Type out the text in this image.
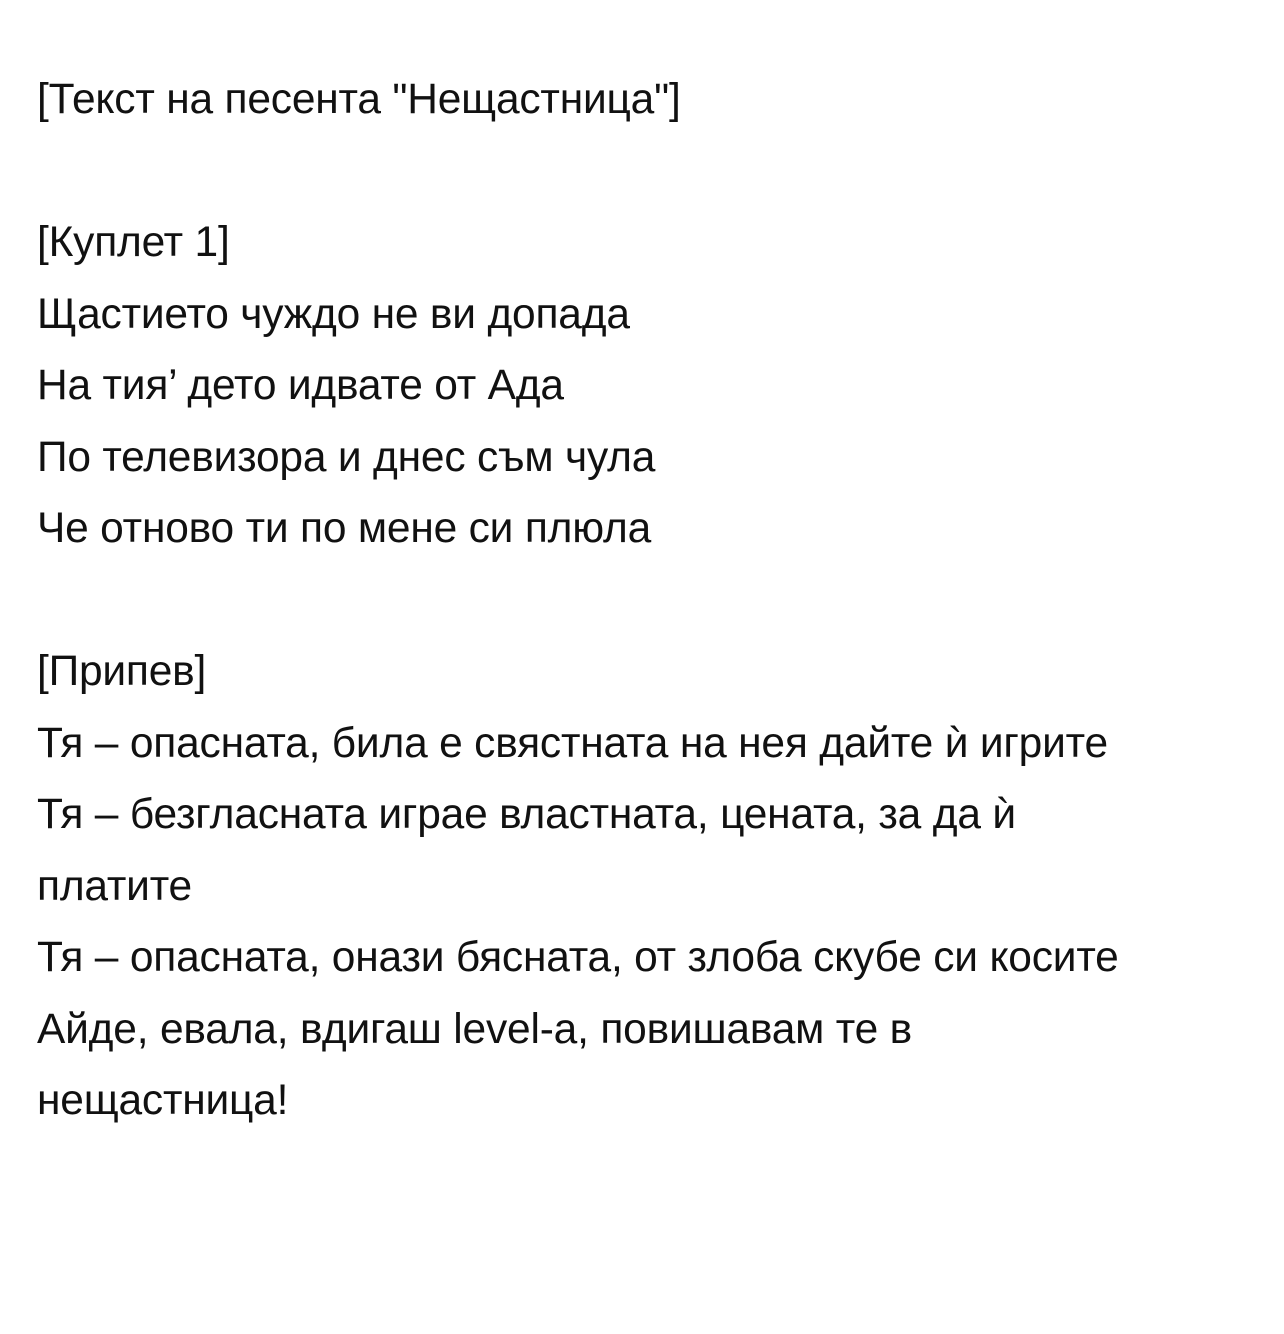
[Текст на песента "Нещастница"]
[Куплет 1]
Щастието чуждо не ви допада
На тия’ дето идвате от Ада
По телевизора и днес съм чула
Че отново ти по мене си плюла
[Припев]
Тя – опасната, била е свястната на нея дайте ѝ игрите
Тя – безгласната играе властната, цената, за да ѝ платите
Тя – опасната, онази бясната, от злоба скубе си косите
Айде, евала, вдигаш level-а, повишавам те в нещастница!
